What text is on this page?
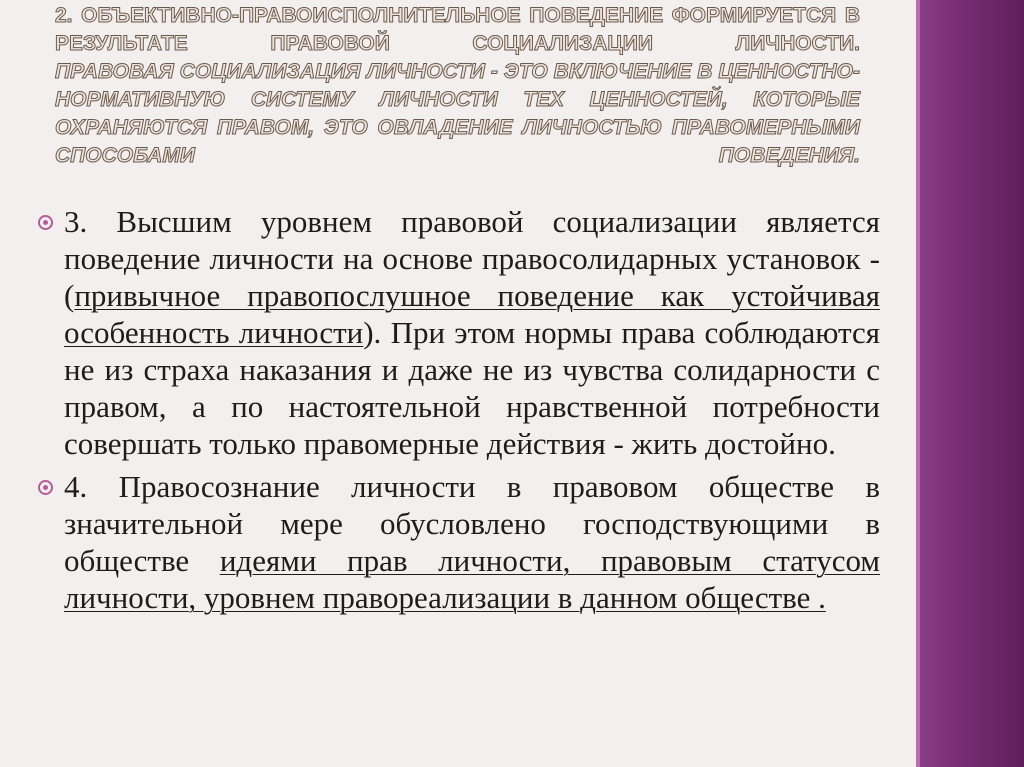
2. ОБЪЕКТИВНО-ПРАВОИСПОЛНИТЕЛЬНОЕ ПОВЕДЕНИЕ ФОРМИРУЕТСЯ В РЕЗУЛЬТАТЕ ПРАВОВОЙ СОЦИАЛИЗАЦИИ ЛИЧНОСТИ.

ПРАВОВАЯ СОЦИАЛИЗАЦИЯ ЛИЧНОСТИ - ЭТО ВКЛЮЧЕНИЕ В ЦЕННОСТНО-НОРМАТИВНУЮ СИСТЕМУ ЛИЧНОСТИ ТЕХ ЦЕННОСТЕЙ, КОТОРЫЕ ОХРАНЯЮТСЯ ПРАВОМ, ЭТО ОВЛАДЕНИЕ ЛИЧНОСТЬЮ ПРАВОМЕРНЫМИ СПОСОБАМИ ПОВЕДЕНИЯ.

3. Высшим уровнем правовой социализации является поведение личности на основе правосолидарных установок - (привычное правопослушное поведение как устойчивая особенность личности). При этом нормы права соблюдаются не из страха наказания и даже не из чувства солидарности с правом, а по настоятельной нравственной потребности совершать только правомерные действия - жить достойно.
4. Правосознание личности в правовом обществе в значительной мере обусловлено господствующими в обществе идеями прав личности, правовым статусом личности, уровнем правореализации в данном обществе .
